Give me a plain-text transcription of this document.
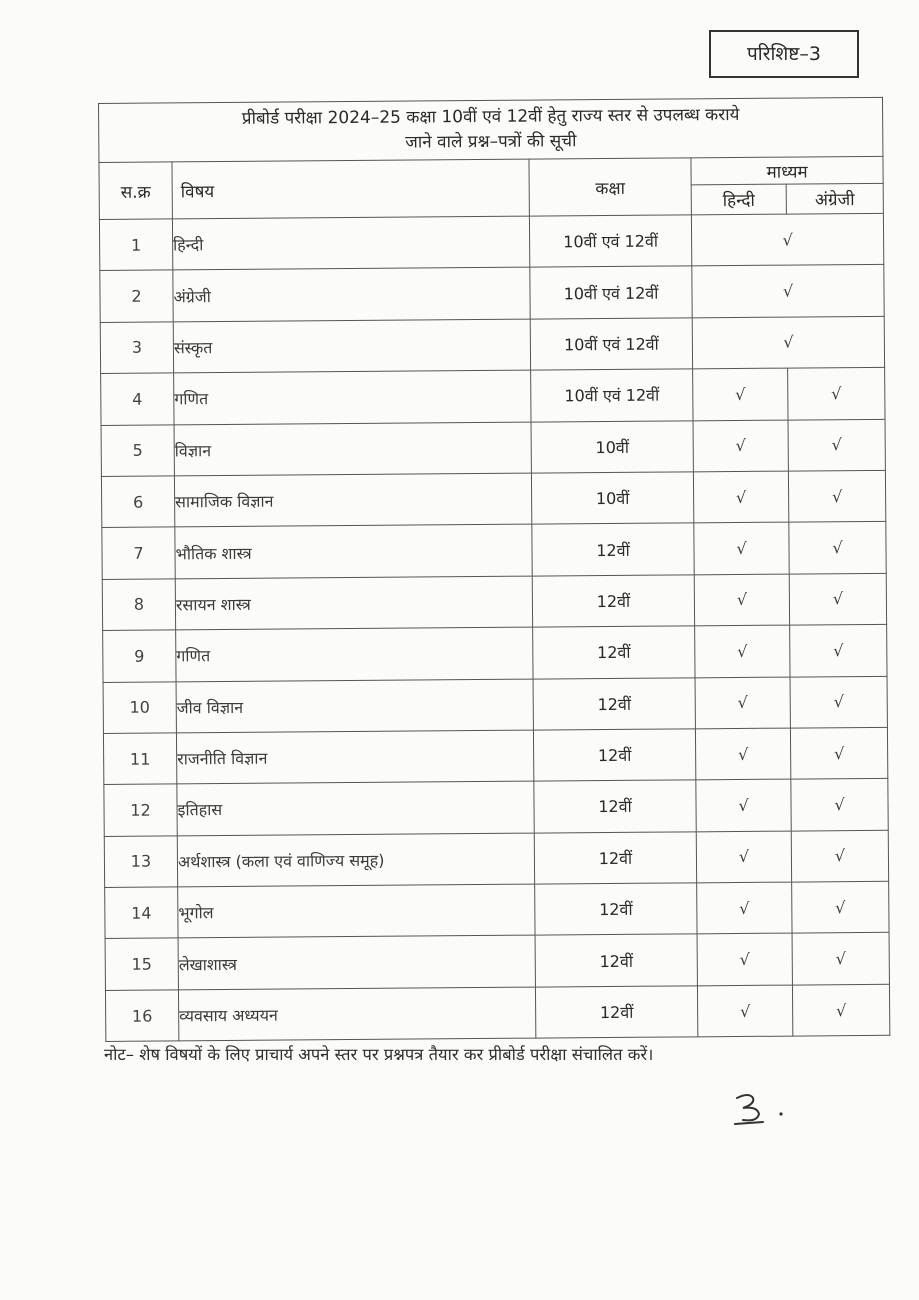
परिशिष्ट–3
प्रीबोर्ड परीक्षा 2024–25 कक्षा 10वीं एवं 12वीं हेतु राज्य स्तर से उपलब्ध कराये
जाने वाले प्रश्न–पत्रों की सूची				

स.क्र	विषय	कक्षा	माध्यम	
			हिन्दी	अंग्रेजी
1	हिन्दी	10वीं एवं 12वीं	√	
2	अंग्रेजी	10वीं एवं 12वीं	√	
3	संस्कृत	10वीं एवं 12वीं	√	
4	गणित	10वीं एवं 12वीं	√	√
5	विज्ञान	10वीं	√	√
6	सामाजिक विज्ञान	10वीं	√	√
7	भौतिक शास्त्र	12वीं	√	√
8	रसायन शास्त्र	12वीं	√	√
9	गणित	12वीं	√	√
10	जीव विज्ञान	12वीं	√	√
11	राजनीति विज्ञान	12वीं	√	√
12	इतिहास	12वीं	√	√
13	अर्थशास्त्र (कला एवं वाणिज्य समूह)	12वीं	√	√
14	भूगोल	12वीं	√	√
15	लेखाशास्त्र	12वीं	√	√
16	व्यवसाय अध्ययन	12वीं	√	√
नोट– शेष विषयों के लिए प्राचार्य अपने स्तर पर प्रश्नपत्र तैयार कर प्रीबोर्ड परीक्षा संचालित करें।
